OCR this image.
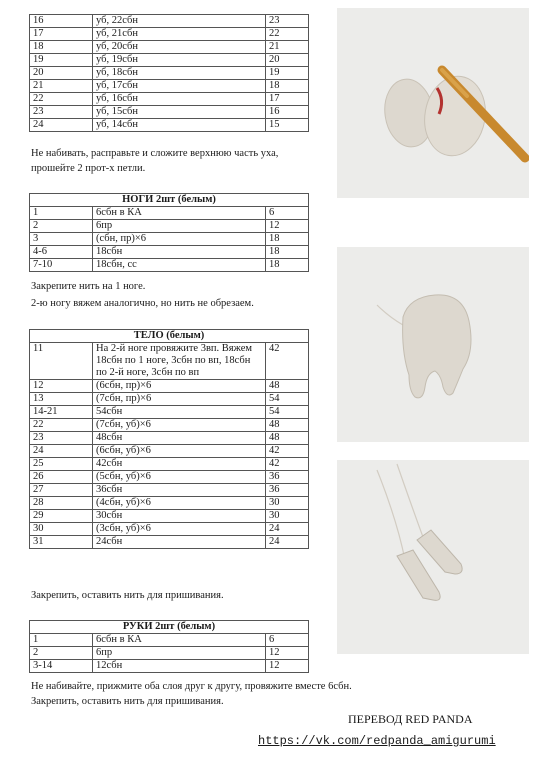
16	уб, 22сбн	23
17	уб, 21сбн	22
18	уб, 20сбн	21
19	уб, 19сбн	20
20	уб, 18сбн	19
21	уб, 17сбн	18
22	уб, 16сбн	17
23	уб, 15сбн	16
24	уб, 14сбн	15
Не набивать, расправьте и сложите верхнюю часть уха,
прошейте 2 прот-х петли.
НОГИ 2шт (белым)		
1	6сбн в КА	6
2	6пр	12
3	(сбн, пр)×6	18
4-6	18сбн	18
7-10	18сбн, сс	18
Закрепите нить на 1 ноге.
2-ю ногу вяжем аналогично, но нить не обрезаем.
ТЕЛО (белым)		
11	На 2-й ноге провяжите 3вп. Вяжем 18сбн по 1 ноге, 3сбн по вп, 18сбн по 2-й ноге, 3сбн по вп	42
12	(6сбн, пр)×6	48
13	(7сбн, пр)×6	54
14-21	54сбн	54
22	(7сбн, уб)×6	48
23	48сбн	48
24	(6сбн, уб)×6	42
25	42сбн	42
26	(5сбн, уб)×6	36
27	36сбн	36
28	(4сбн, уб)×6	30
29	30сбн	30
30	(3сбн, уб)×6	24
31	24сбн	24
Закрепить, оставить нить для пришивания.
РУКИ 2шт (белым)		
1	6сбн в КА	6
2	6пр	12
3-14	12сбн	12
Не набивайте, прижмите оба слоя друг к другу, провяжите вместе 6сбн.
Закрепить, оставить нить для пришивания.
ПЕРЕВОД RED PANDA
https://vk.com/redpanda_amigurumi
